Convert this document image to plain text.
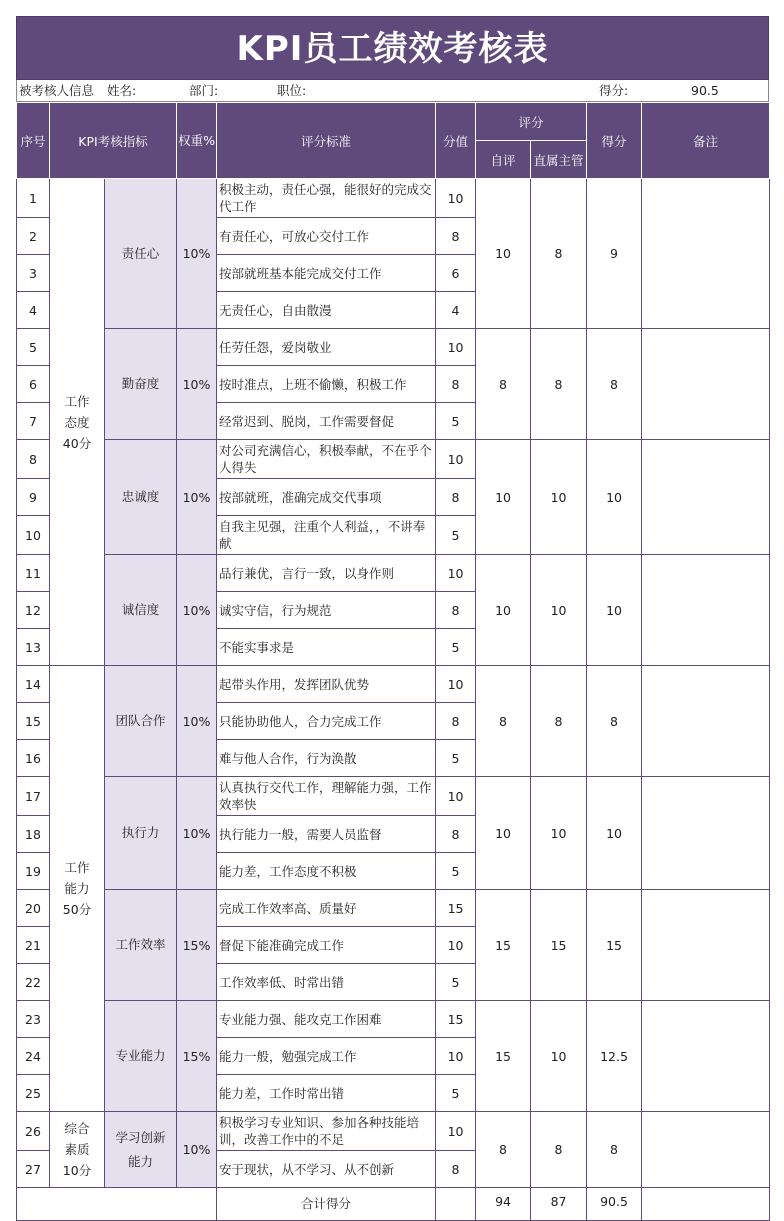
KPI员工绩效考核表
被考核人信息 姓名:	部门:	职位:	得分:	90.5
序号	KPI考核指标		权重%	评分标准	分值	评分		得分	备注
						自评	直属主管		
1	工作态度40分	责任心	10%	积极主动，责任心强，能很好的完成交代工作	10	10	8	9	
2				有责任心，可放心交付工作	8				
3				按部就班基本能完成交付工作	6				
4				无责任心，自由散漫	4				
5		勤奋度	10%	任劳任怨，爱岗敬业	10	8	8	8	
6				按时准点，上班不偷懒，积极工作	8				
7				经常迟到、脱岗，工作需要督促	5				
8		忠诚度	10%	对公司充满信心，积极奉献，不在乎个人得失	10	10	10	10	
9				按部就班，准确完成交代事项	8				
10				自我主见强，注重个人利益，，不讲奉献	5				
11		诚信度	10%	品行兼优，言行一致，以身作则	10	10	10	10	
12				诚实守信，行为规范	8				
13				不能实事求是	5				
14	工作能力50分	团队合作	10%	起带头作用，发挥团队优势	10	8	8	8	
15				只能协助他人，合力完成工作	8				
16				难与他人合作，行为涣散	5				
17		执行力	10%	认真执行交代工作，理解能力强，工作效率快	10	10	10	10	
18				执行能力一般，需要人员监督	8				
19				能力差，工作态度不积极	5				
20		工作效率	15%	完成工作效率高、质量好	15	15	15	15	
21				督促下能准确完成工作	10				
22				工作效率低、时常出错	5				
23		专业能力	15%	专业能力强、能攻克工作困难	15	15	10	12.5	
24				能力一般，勉强完成工作	10				
25				能力差，工作时常出错	5				
26	综合素质10分	学习创新能力	10%	积极学习专业知识、参加各种技能培训，改善工作中的不足	10	8	8	8	
27				安于现状，从不学习、从不创新	8				
				合计得分		94	87	90.5	
